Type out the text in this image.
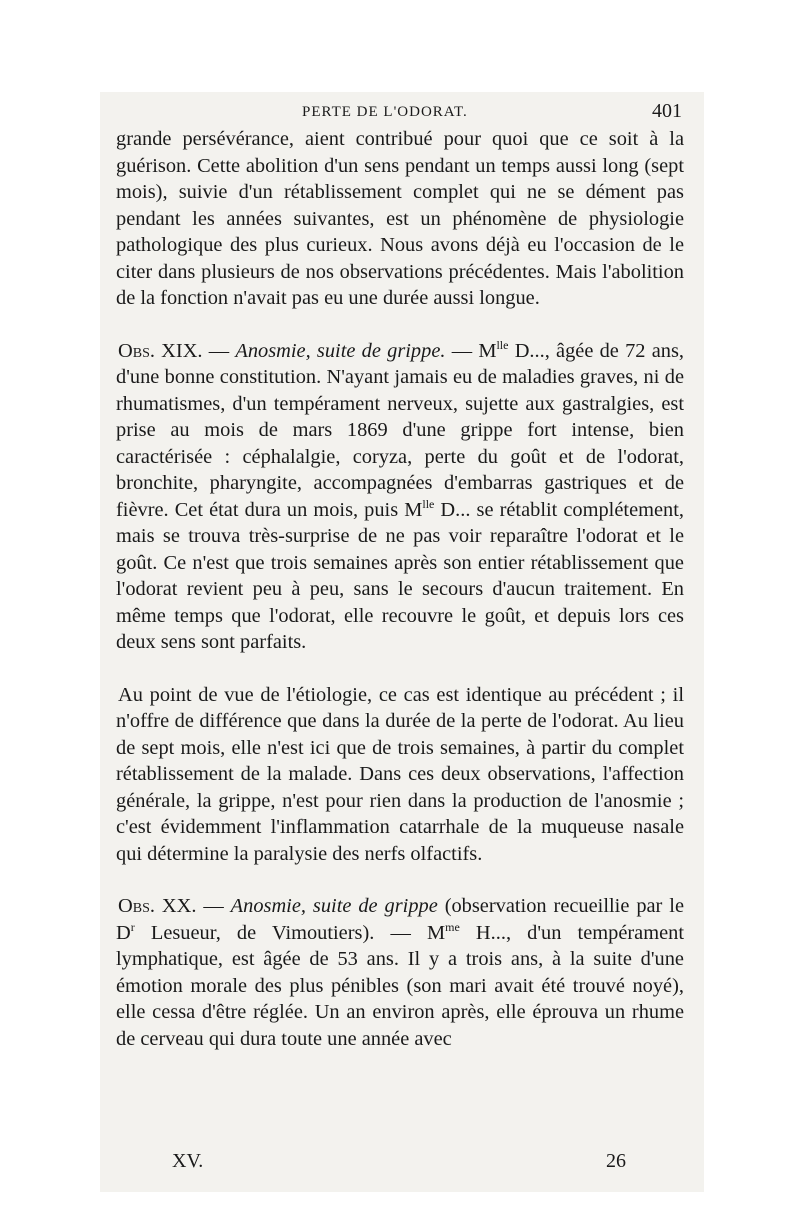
PERTE DE L'ODORAT.	401

grande persévérance, aient contribué pour quoi que ce soit à la guérison. Cette abolition d'un sens pendant un temps aussi long (sept mois), suivie d'un rétablissement complet qui ne se dément pas pendant les années suivantes, est un phénomène de physiologie pathologique des plus curieux. Nous avons déjà eu l'occasion de le citer dans plusieurs de nos observations précédentes. Mais l'abolition de la fonction n'avait pas eu une durée aussi longue.

Obs. XIX. — Anosmie, suite de grippe. — $M^{lle}$ D..., âgée de 72 ans, d'une bonne constitution. N'ayant jamais eu de maladies graves, ni de rhumatismes, d'un tempérament nerveux, sujette aux gastralgies, est prise au mois de mars 1869 d'une grippe fort intense, bien caractérisée : céphalalgie, coryza, perte du goût et de l'odorat, bronchite, pharyngite, accompagnées d'embarras gastriques et de fièvre. Cet état dura un mois, puis $M^{lle}$ D... se rétablit complétement, mais se trouva très-surprise de ne pas voir reparaître l'odorat et le goût. Ce n'est que trois semaines après son entier rétablissement que l'odorat revient peu à peu, sans le secours d'aucun traitement. En même temps que l'odorat, elle recouvre le goût, et depuis lors ces deux sens sont parfaits.

Au point de vue de l'étiologie, ce cas est identique au précédent ; il n'offre de différence que dans la durée de la perte de l'odorat. Au lieu de sept mois, elle n'est ici que de trois semaines, à partir du complet rétablissement de la malade. Dans ces deux observations, l'affection générale, la grippe, n'est pour rien dans la production de l'anosmie ; c'est évidemment l'inflammation catarrhale de la muqueuse nasale qui détermine la paralysie des nerfs olfactifs.

Obs. XX. — Anosmie, suite de grippe (observation recueillie par le $D^r$ Lesueur, de Vimoutiers). — $M^{me}$ H..., d'un tempérament lymphatique, est âgée de 53 ans. Il y a trois ans, à la suite d'une émotion morale des plus pénibles (son mari avait été trouvé noyé), elle cessa d'être réglée. Un an environ après, elle éprouva un rhume de cerveau qui dura toute une année avec

XV.	26
